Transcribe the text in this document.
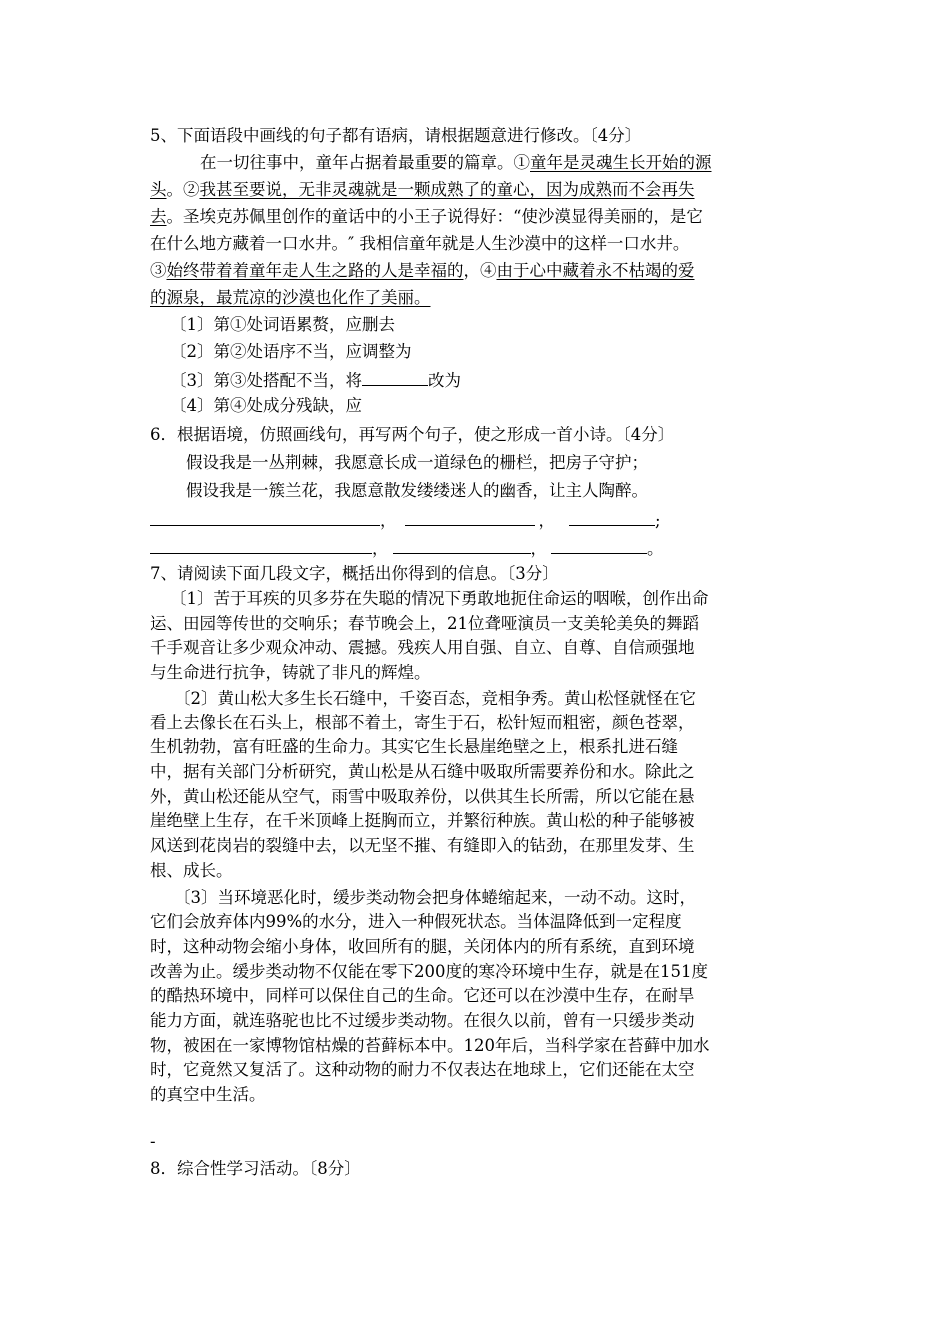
5、下面语段中画线的句子都有语病，请根据题意进行修改。〔4分〕
在一切往事中，童年占据着最重要的篇章。①童年是灵魂生长开始的源
头。②我甚至要说，无非灵魂就是一颗成熟了的童心，因为成熟而不会再失
去。圣埃克苏佩里创作的童话中的小王子说得好：“使沙漠显得美丽的，是它
在什么地方藏着一口水井。″ 我相信童年就是人生沙漠中的这样一口水井。
③始终带着着童年走人生之路的人是幸福的，④由于心中藏着永不枯竭的爱
的源泉，最荒凉的沙漠也化作了美丽。
〔1〕第①处词语累赘，应删去
〔2〕第②处语序不当，应调整为
〔3〕第③处搭配不当，将	改为
〔4〕第④处成分残缺，应
6．根据语境，仿照画线句，再写两个句子，使之形成一首小诗。〔4分〕
假设我是一丛荆棘，我愿意长成一道绿色的栅栏，把房子守护；
假设我是一簇兰花，我愿意散发缕缕迷人的幽香，让主人陶醉。
，	，	;
，	，	。
7、请阅读下面几段文字，概括出你得到的信息。〔3分〕
〔1〕苦于耳疾的贝多芬在失聪的情况下勇敢地扼住命运的咽喉，创作出命
运、田园等传世的交响乐；春节晚会上，21位聋哑演员一支美轮美奂的舞蹈
千手观音让多少观众冲动、震撼。残疾人用自强、自立、自尊、自信顽强地
与生命进行抗争，铸就了非凡的辉煌。
〔2〕黄山松大多生长石缝中，千姿百态，竞相争秀。黄山松怪就怪在它
看上去像长在石头上，根部不着土，寄生于石，松针短而粗密，颜色苍翠，
生机勃勃，富有旺盛的生命力。其实它生长悬崖绝壁之上，根系扎进石缝
中，据有关部门分析研究，黄山松是从石缝中吸取所需要养份和水。除此之
外，黄山松还能从空气，雨雪中吸取养份，以供其生长所需，所以它能在悬
崖绝壁上生存，在千米顶峰上挺胸而立，并繁衍种族。黄山松的种子能够被
风送到花岗岩的裂缝中去，以无坚不摧、有缝即入的钻劲，在那里发芽、生
根、成长。
〔3〕当环境恶化时，缓步类动物会把身体蜷缩起来，一动不动。这时，
它们会放弃体内99%的水分，进入一种假死状态。当体温降低到一定程度
时，这种动物会缩小身体，收回所有的腿，关闭体内的所有系统，直到环境
改善为止。缓步类动物不仅能在零下200度的寒冷环境中生存，就是在151度
的酷热环境中，同样可以保住自己的生命。它还可以在沙漠中生存，在耐旱
能力方面，就连骆驼也比不过缓步类动物。在很久以前，曾有一只缓步类动
物，被困在一家博物馆枯燥的苔藓标本中。120年后，当科学家在苔藓中加水
时，它竟然又复活了。这种动物的耐力不仅表达在地球上，它们还能在太空
的真空中生活。
-
8．综合性学习活动。〔8分〕
